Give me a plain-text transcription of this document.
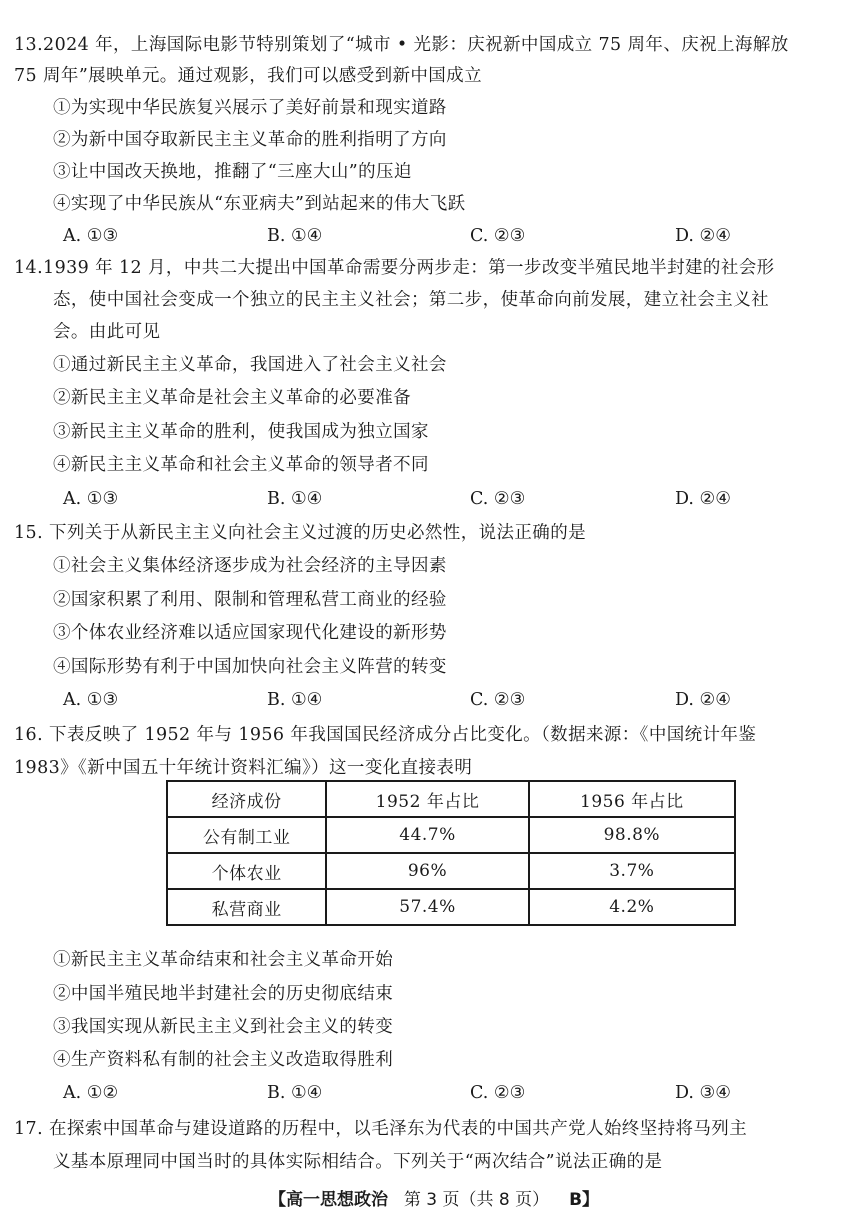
13.2024 年，上海国际电影节特别策划了“城市 • 光影：庆祝新中国成立 75 周年、庆祝上海解放
75 周年”展映单元。通过观影，我们可以感受到新中国成立
①为实现中华民族复兴展示了美好前景和现实道路
②为新中国夺取新民主主义革命的胜利指明了方向
③让中国改天换地，推翻了“三座大山”的压迫
④实现了中华民族从“东亚病夫”到站起来的伟大飞跃
A. ①③	B. ①④	C. ②③	D. ②④
14.1939 年 12 月，中共二大提出中国革命需要分两步走：第一步改变半殖民地半封建的社会形
态，使中国社会变成一个独立的民主主义社会；第二步，使革命向前发展，建立社会主义社
会。由此可见
①通过新民主主义革命，我国进入了社会主义社会
②新民主主义革命是社会主义革命的必要准备
③新民主主义革命的胜利，使我国成为独立国家
④新民主主义革命和社会主义革命的领导者不同
A. ①③	B. ①④	C. ②③	D. ②④
15. 下列关于从新民主主义向社会主义过渡的历史必然性，说法正确的是
①社会主义集体经济逐步成为社会经济的主导因素
②国家积累了利用、限制和管理私营工商业的经验
③个体农业经济难以适应国家现代化建设的新形势
④国际形势有利于中国加快向社会主义阵营的转变
A. ①③	B. ①④	C. ②③	D. ②④
16. 下表反映了 1952 年与 1956 年我国国民经济成分占比变化。（数据来源：《中国统计年鉴
1983》《新中国五十年统计资料汇编》）这一变化直接表明
经济成份	1952 年占比	1956 年占比
公有制工业	44.7%	98.8%
个体农业	96%	3.7%
私营商业	57.4%	4.2%
①新民主主义革命结束和社会主义革命开始
②中国半殖民地半封建社会的历史彻底结束
③我国实现从新民主主义到社会主义的转变
④生产资料私有制的社会主义改造取得胜利
A. ①②	B. ①④	C. ②③	D. ③④
17. 在探索中国革命与建设道路的历程中，以毛泽东为代表的中国共产党人始终坚持将马列主
义基本原理同中国当时的具体实际相结合。下列关于“两次结合”说法正确的是
【高一思想政治 第 3 页（共 8 页） B】
